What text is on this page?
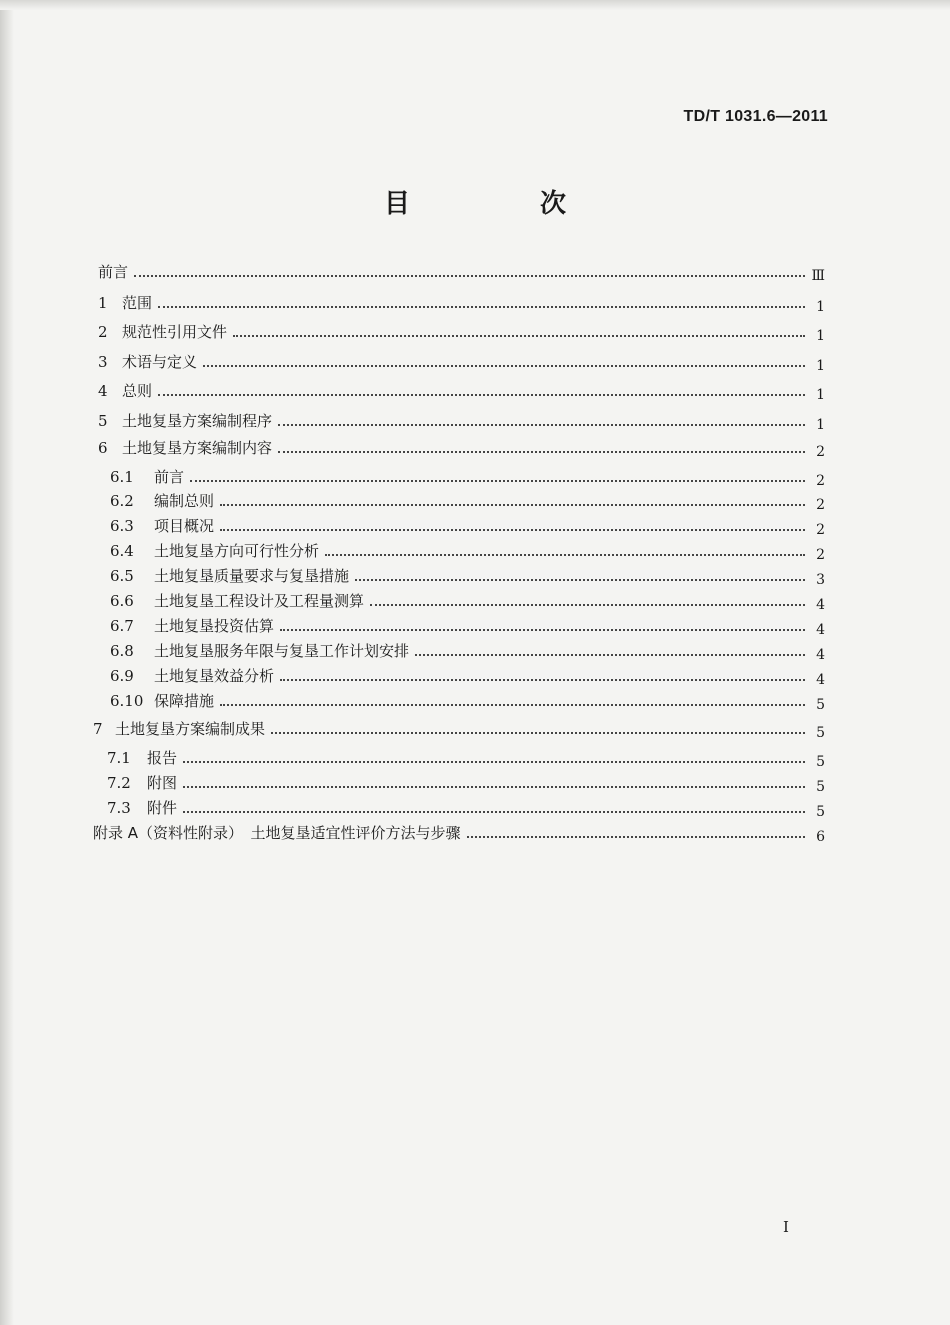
TD/T 1031.6—2011
目　次
前言	Ⅲ
1 范围	1
2 规范性引用文件	1
3 术语与定义	1
4 总则	1
5 土地复垦方案编制程序	1
6 土地复垦方案编制内容	2
6.1	前言	2
6.2	编制总则	2
6.3	项目概况	2
6.4	土地复垦方向可行性分析	2
6.5	土地复垦质量要求与复垦措施	3
6.6	土地复垦工程设计及工程量测算	4
6.7	土地复垦投资估算	4
6.8	土地复垦服务年限与复垦工作计划安排	4
6.9	土地复垦效益分析	4
6.10 保障措施	5
7 土地复垦方案编制成果	5
7.1	报告	5
7.2	附图	5
7.3	附件	5
附录 A（资料性附录）　土地复垦适宜性评价方法与步骤	6
I
